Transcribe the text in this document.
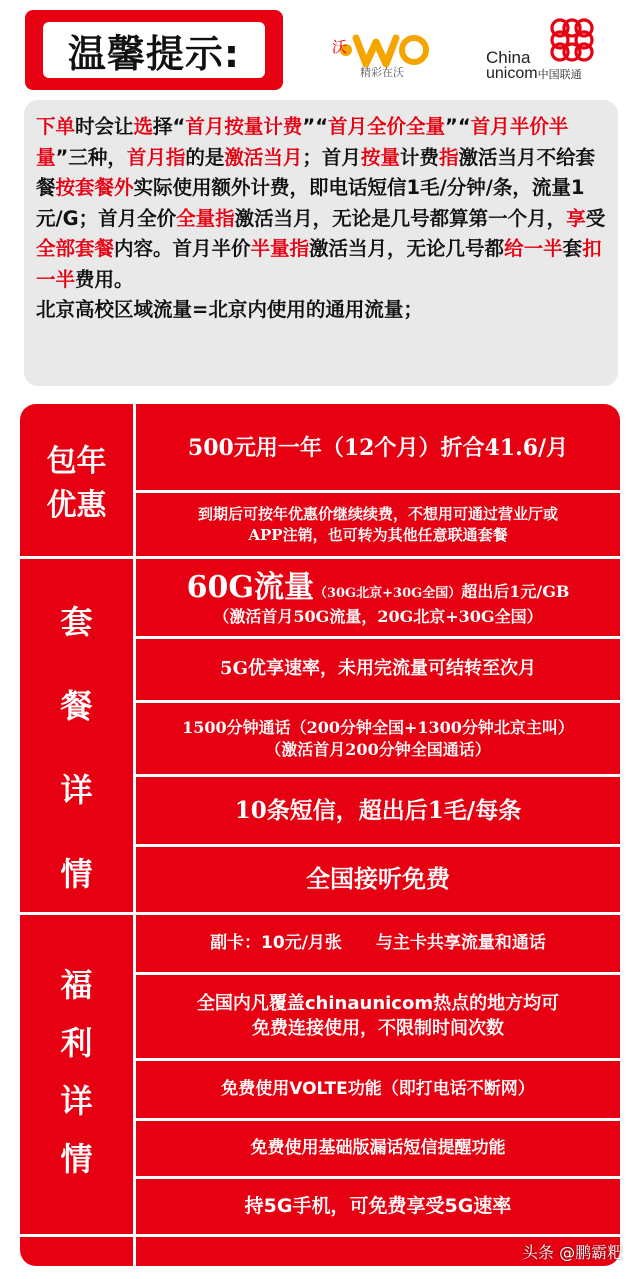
温馨提示:	沃
精彩在沃
China
unicom中国联通
下单时会让选择“首月按量计费”“首月全价全量”“首月半价半量”三种，首月指的是激活当月；首月按量计费指激活当月不给套餐按套餐外实际使用额外计费，即电话短信1毛/分钟/条，流量1元/G；首月全价全量指激活当月，无论是几号都算第一个月，享受全部套餐内容。首月半价半量指激活当月，无论几号都给一半套扣一半费用。
北京高校区域流量=北京内使用的通用流量；
包年
优惠
套
餐
详
情
福
利
详
情
500元用一年（12个月）折合41.6/月
到期后可按年优惠价继续续费，不想用可通过营业厅或
APP注销，也可转为其他任意联通套餐
60G流量（30G北京+30G全国）超出后1元/GB
（激活首月50G流量，20G北京+30G全国）
5G优享速率，未用完流量可结转至次月
1500分钟通话（200分钟全国+1300分钟北京主叫）
（激活首月200分钟全国通话）
10条短信，超出后1毛/每条
全国接听免费
副卡：10元/月张　　与主卡共享流量和通话
全国内凡覆盖chinaunicom热点的地方均可
免费连接使用，不限制时间次数
免费使用VOLTE功能（即打电话不断网）
免费使用基础版漏话短信提醒功能
持5G手机，可免费享受5G速率
头条 @鹏霸粑
